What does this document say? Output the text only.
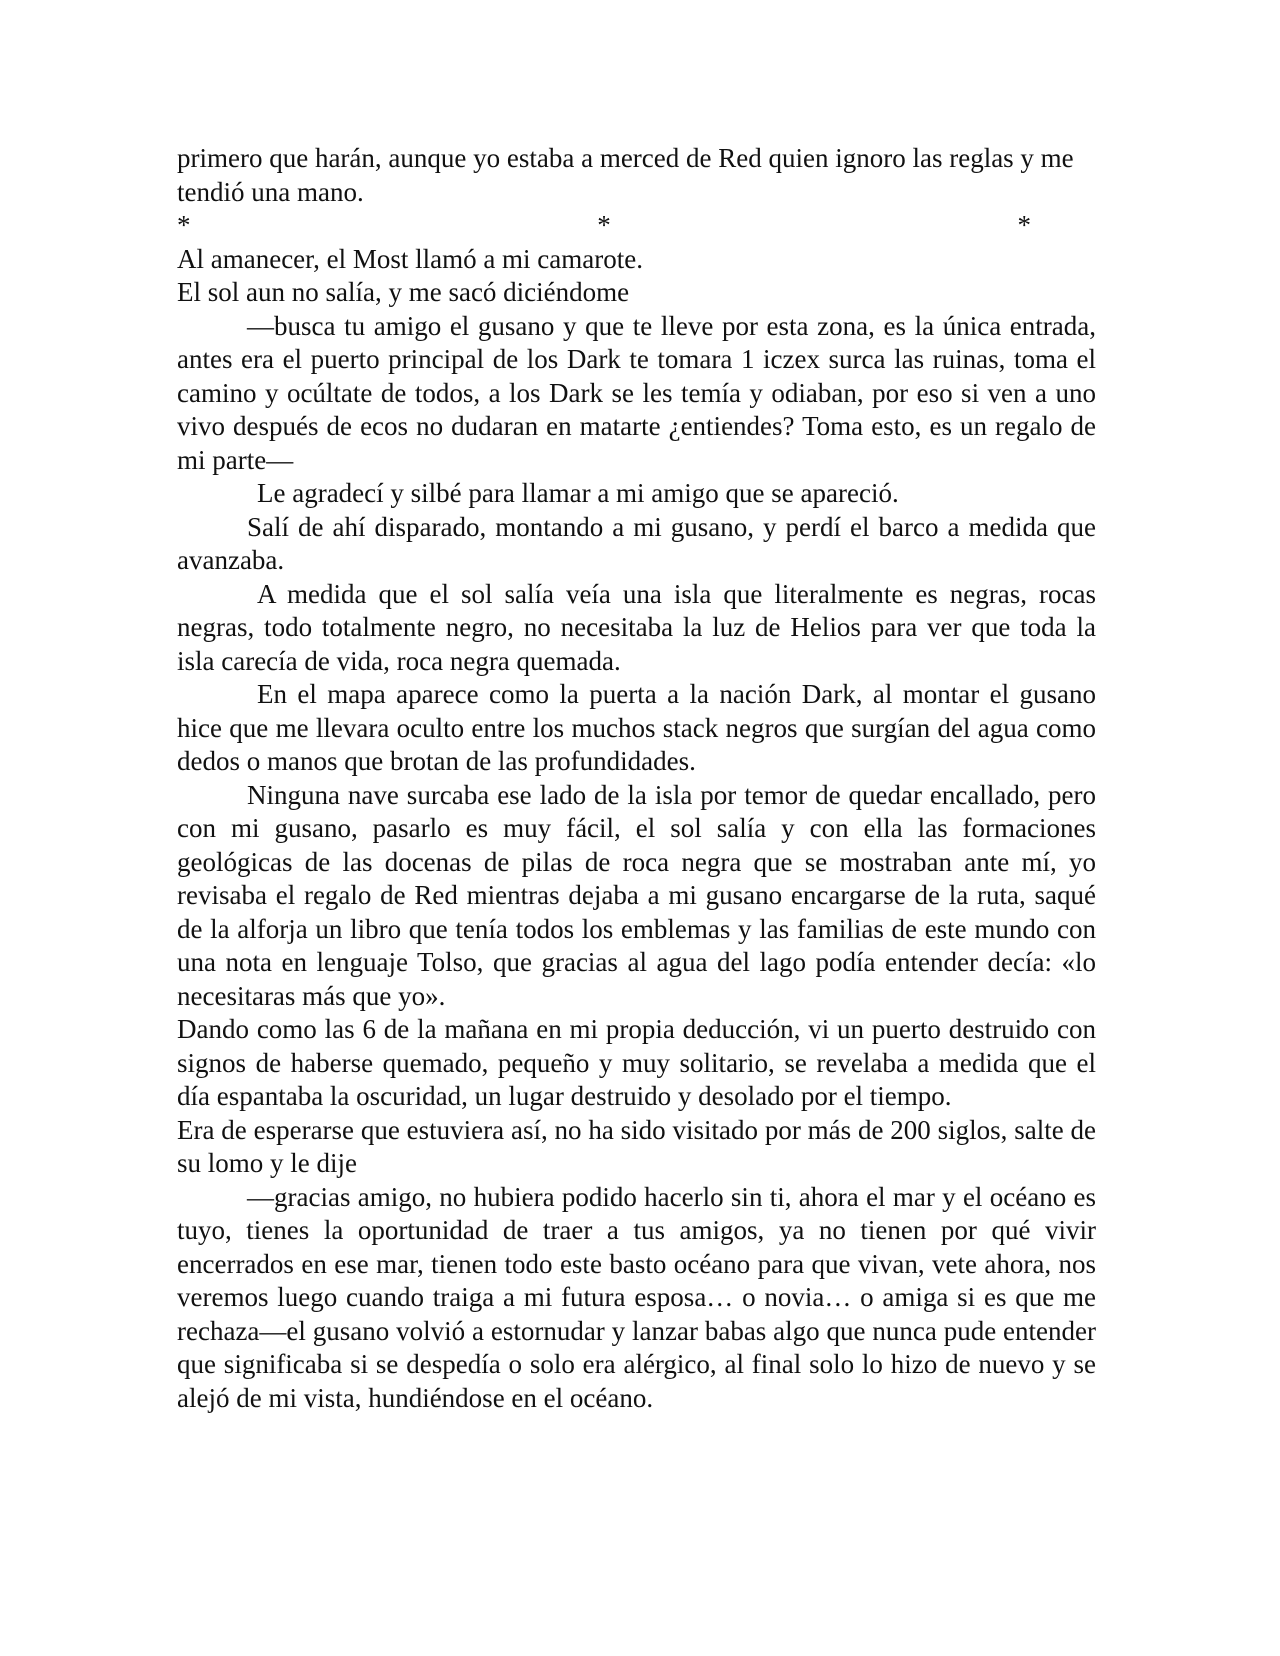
primero que harán, aunque yo estaba a merced de Red quien ignoro las reglas y me tendió una mano.

*	*	*

Al amanecer, el Most llamó a mi camarote.

El sol aun no salía, y me sacó diciéndome

—busca tu amigo el gusano y que te lleve por esta zona, es la única entrada, antes era el puerto principal de los Dark te tomara 1 iczex surca las ruinas, toma el camino y ocúltate de todos, a los Dark se les temía y odiaban, por eso si ven a uno vivo después de ecos no dudaran en matarte ¿entiendes? Toma esto, es un regalo de mi parte—

Le agradecí y silbé para llamar a mi amigo que se apareció.

Salí de ahí disparado, montando a mi gusano, y perdí el barco a medida que avanzaba.

A medida que el sol salía veía una isla que literalmente es negras, rocas negras, todo totalmente negro, no necesitaba la luz de Helios para ver que toda la isla carecía de vida, roca negra quemada.

En el mapa aparece como la puerta a la nación Dark, al montar el gusano hice que me llevara oculto entre los muchos stack negros que surgían del agua como dedos o manos que brotan de las profundidades.

Ninguna nave surcaba ese lado de la isla por temor de quedar encallado, pero con mi gusano, pasarlo es muy fácil, el sol salía y con ella las formaciones geológicas de las docenas de pilas de roca negra que se mostraban ante mí, yo revisaba el regalo de Red mientras dejaba a mi gusano encargarse de la ruta, saqué de la alforja un libro que tenía todos los emblemas y las familias de este mundo con una nota en lenguaje Tolso, que gracias al agua del lago podía entender decía: «lo necesitaras más que yo».

Dando como las 6 de la mañana en mi propia deducción, vi un puerto destruido con signos de haberse quemado, pequeño y muy solitario, se revelaba a medida que el día espantaba la oscuridad, un lugar destruido y desolado por el tiempo.

Era de esperarse que estuviera así, no ha sido visitado por más de 200 siglos, salte de su lomo y le dije

—gracias amigo, no hubiera podido hacerlo sin ti, ahora el mar y el océano es tuyo, tienes la oportunidad de traer a tus amigos, ya no tienen por qué vivir encerrados en ese mar, tienen todo este basto océano para que vivan, vete ahora, nos veremos luego cuando traiga a mi futura esposa… o novia… o amiga si es que me rechaza—el gusano volvió a estornudar y lanzar babas algo que nunca pude entender que significaba si se despedía o solo era alérgico, al final solo lo hizo de nuevo y se alejó de mi vista, hundiéndose en el océano.
